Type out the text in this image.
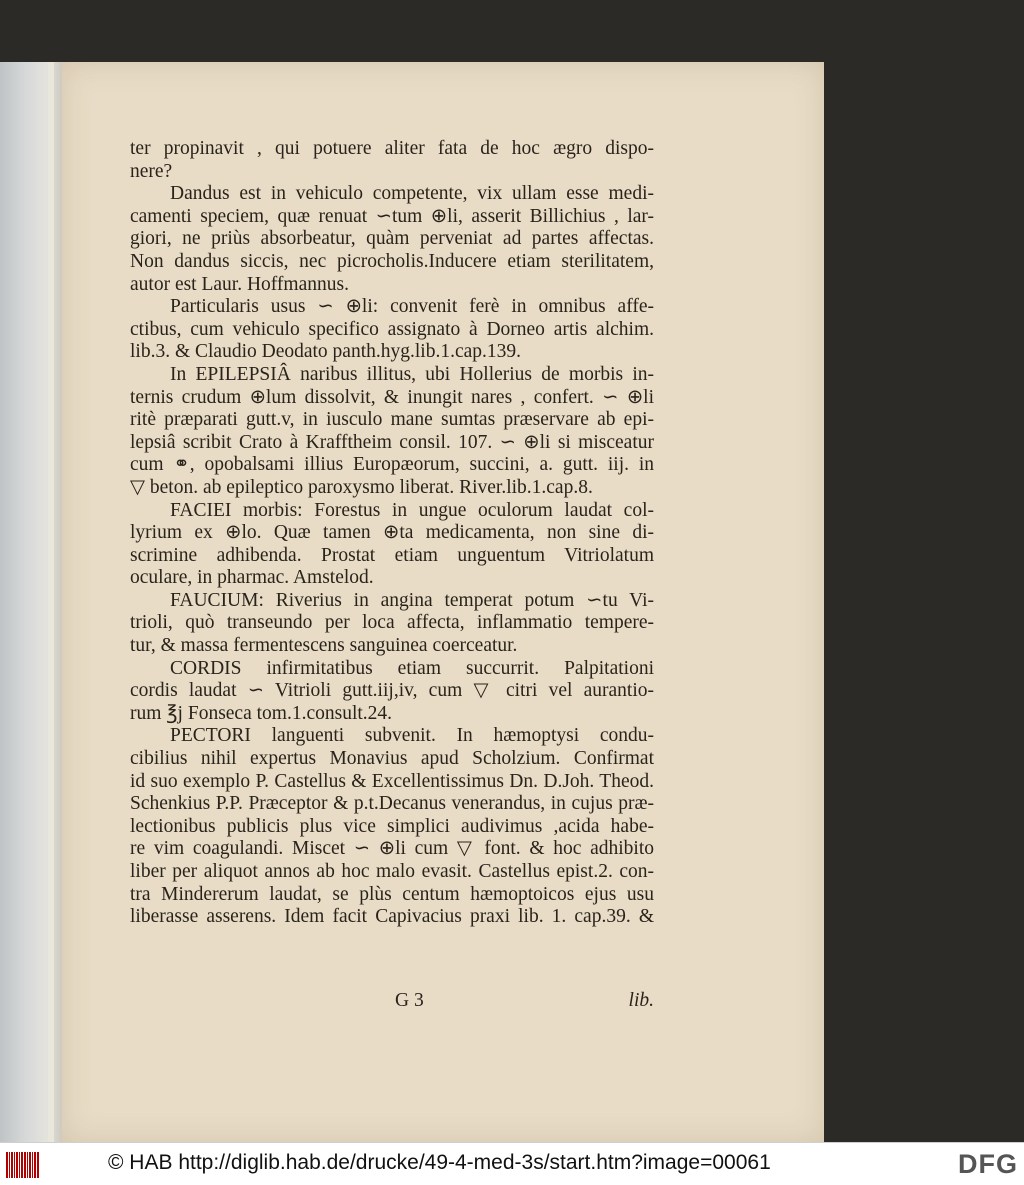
ter propinavit , qui potuere aliter fata de hoc ægro dispo-
nere?
Dandus est in vehiculo competente, vix ullam esse medi-
camenti speciem, quæ renuat ∽tum ⊕li, asserit Billichius , lar-
giori, ne priùs absorbeatur, quàm perveniat ad partes affectas.
Non dandus siccis, nec picrocholis.Inducere etiam sterilitatem,
autor est Laur. Hoffmannus.
Particularis usus ∽ ⊕li: convenit ferè in omnibus affe-
ctibus, cum vehiculo specifico assignato à Dorneo artis alchim.
lib.3. & Claudio Deodato panth.hyg.lib.1.cap.139.
In EPILEPSIÂ naribus illitus, ubi Hollerius de morbis in-
ternis crudum ⊕lum dissolvit, & inungit nares , confert. ∽ ⊕li
ritè præparati gutt.v, in iusculo mane sumtas præservare ab epi-
lepsiâ scribit Crato à Krafftheim consil. 107. ∽ ⊕li si misceatur
cum ⚭, opobalsami illius Europæorum, succini, a. gutt. iij. in
▽ beton. ab epileptico paroxysmo liberat. River.lib.1.cap.8.
FACIEI morbis: Forestus in ungue oculorum laudat col-
lyrium ex ⊕lo. Quæ tamen ⊕ta medicamenta, non sine di-
scrimine adhibenda. Prostat etiam unguentum Vitriolatum
oculare, in pharmac. Amstelod.
FAUCIUM: Riverius in angina temperat potum ∽tu Vi-
trioli, quò transeundo per loca affecta, inflammatio tempere-
tur, & massa fermentescens sanguinea coerceatur.
CORDIS infirmitatibus etiam succurrit. Palpitationi
cordis laudat ∽ Vitrioli gutt.iij,iv, cum ▽ citri vel aurantio-
rum ℥j Fonseca tom.1.consult.24.
PECTORI languenti subvenit. In hæmoptysi condu-
cibilius nihil expertus Monavius apud Scholzium. Confirmat
id suo exemplo P. Castellus & Excellentissimus Dn. D.Joh. Theod.
Schenkius P.P. Præceptor & p.t.Decanus venerandus, in cujus præ-
lectionibus publicis plus vice simplici audivimus ,acida habe-
re vim coagulandi. Miscet ∽ ⊕li cum ▽ font. & hoc adhibito
liber per aliquot annos ab hoc malo evasit. Castellus epist.2. con-
tra Mindererum laudat, se plùs centum hæmoptoicos ejus usu
liberasse asserens. Idem facit Capivacius praxi lib. 1. cap.39. &
G 3	lib.
© HAB http://diglib.hab.de/drucke/49-4-med-3s/start.htm?image=00061	DFG
